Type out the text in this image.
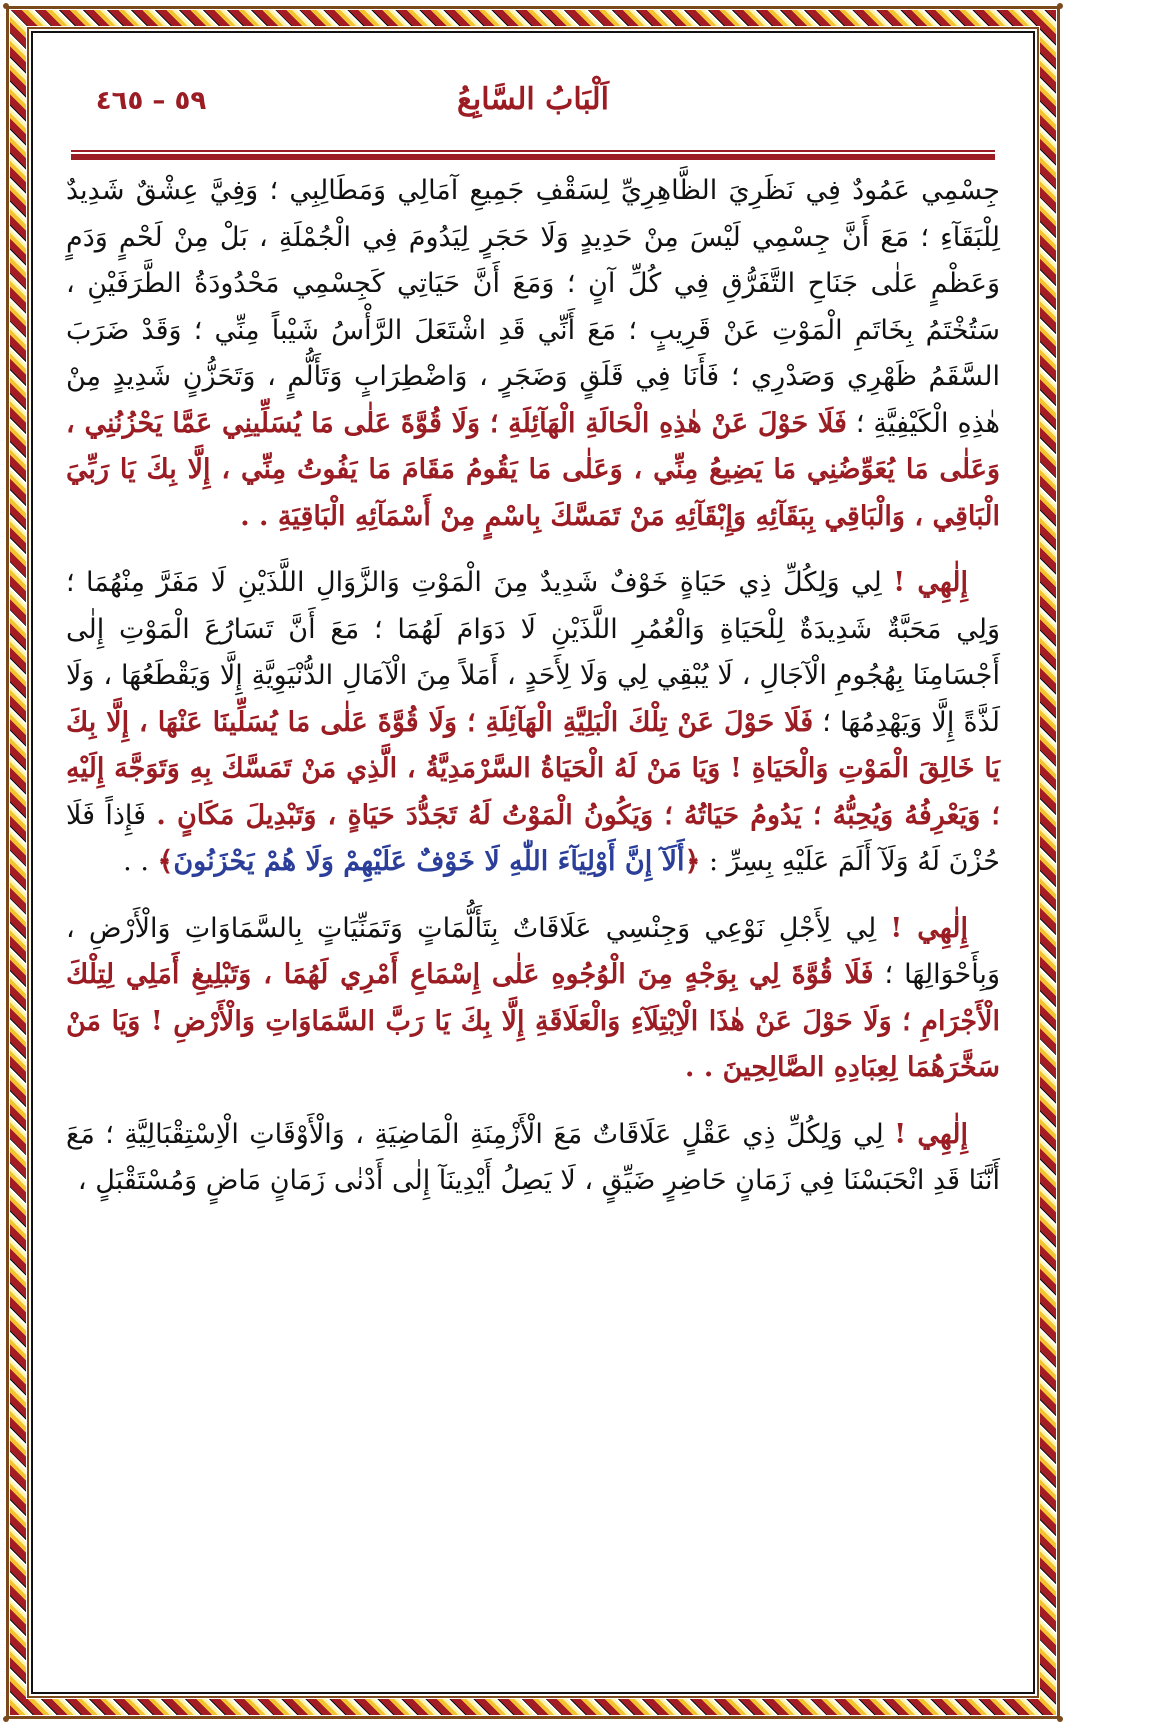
٥٩ – ٤٦٥	اَلْبَابُ السَّابِعُ

جِسْمِي عَمُودٌ فِي نَظَرِيَ الظَّاهِرِيِّ لِسَقْفِ جَمِيعِ آمَالِي وَمَطَالِبِي ؛ وَفِيَّ عِشْقٌ شَدِيدٌ لِلْبَقَآءِ ؛ مَعَ أَنَّ جِسْمِي لَيْسَ مِنْ حَدِيدٍ وَلَا حَجَرٍ لِيَدُومَ فِي الْجُمْلَةِ ، بَلْ مِنْ لَحْمٍ وَدَمٍ وَعَظْمٍ عَلٰى جَنَاحِ التَّفَرُّقِ فِي كُلِّ آنٍ ؛ وَمَعَ أَنَّ حَيَاتِي كَجِسْمِي مَحْدُودَةُ الطَّرَفَيْنِ ، سَتُخْتَمُ بِخَاتَمِ الْمَوْتِ عَنْ قَرِيبٍ ؛ مَعَ أَنِّي قَدِ اشْتَعَلَ الرَّأْسُ شَيْباً مِنِّي ؛ وَقَدْ ضَرَبَ السَّقَمُ ظَهْرِي وَصَدْرِي ؛ فَأَنَا فِي قَلَقٍ وَضَجَرٍ ، وَاضْطِرَابٍ وَتَأَلُّمٍ ، وَتَحَزُّنٍ شَدِيدٍ مِنْ هٰذِهِ الْكَيْفِيَّةِ ؛ فَلَا حَوْلَ عَنْ هٰذِهِ الْحَالَةِ الْهَآئِلَةِ ؛ وَلَا قُوَّةَ عَلٰى مَا يُسَلِّينِي عَمَّا يَحْزُنُنِي ، وَعَلٰى مَا يُعَوِّضُنِي مَا يَضِيعُ مِنِّي ، وَعَلٰى مَا يَقُومُ مَقَامَ مَا يَفُوتُ مِنِّي ، إِلَّا بِكَ يَا رَبِّيَ الْبَاقِي ، وَالْبَاقِي بِبَقَآئِهِ وَإِبْقَآئِهِ مَنْ تَمَسَّكَ بِاسْمٍ مِنْ أَسْمَآئِهِ الْبَاقِيَةِ . .

إِلٰهِي ! لِي وَلِكُلِّ ذِي حَيَاةٍ خَوْفٌ شَدِيدٌ مِنَ الْمَوْتِ وَالزَّوَالِ اللَّذَيْنِ لَا مَفَرَّ مِنْهُمَا ؛ وَلِي مَحَبَّةٌ شَدِيدَةٌ لِلْحَيَاةِ وَالْعُمُرِ اللَّذَيْنِ لَا دَوَامَ لَهُمَا ؛ مَعَ أَنَّ تَسَارُعَ الْمَوْتِ إِلٰى أَجْسَامِنَا بِهُجُومِ الْآجَالِ ، لَا يُبْقِي لِي وَلَا لِأَحَدٍ ، أَمَلاً مِنَ الْآمَالِ الدُّنْيَوِيَّةِ إِلَّا وَيَقْطَعُهَا ، وَلَا لَذَّةً إِلَّا وَيَهْدِمُهَا ؛ فَلَا حَوْلَ عَنْ تِلْكَ الْبَلِيَّةِ الْهَآئِلَةِ ؛ وَلَا قُوَّةَ عَلٰى مَا يُسَلِّينَا عَنْهَا ، إِلَّا بِكَ يَا خَالِقَ الْمَوْتِ وَالْحَيَاةِ ! وَيَا مَنْ لَهُ الْحَيَاةُ السَّرْمَدِيَّةُ ، الَّذِي مَنْ تَمَسَّكَ بِهِ وَتَوَجَّهَ إِلَيْهِ ؛ وَيَعْرِفُهُ وَيُحِبُّهُ ؛ يَدُومُ حَيَاتُهُ ؛ وَيَكُونُ الْمَوْتُ لَهُ تَجَدُّدَ حَيَاةٍ ، وَتَبْدِيلَ مَكَانٍ . فَإِذاً فَلَا حُزْنَ لَهُ وَلَآ أَلَمَ عَلَيْهِ بِسِرِّ : ﴿أَلَآ إِنَّ أَوْلِيَآءَ اللّٰهِ لَا خَوْفٌ عَلَيْهِمْ وَلَا هُمْ يَحْزَنُونَ﴾ . .

إِلٰهِي ! لِي لِأَجْلِ نَوْعِي وَجِنْسِي عَلَاقَاتٌ بِتَأَلُّمَاتٍ وَتَمَنِّيَاتٍ بِالسَّمَاوَاتِ وَالْأَرْضِ ، وَبِأَحْوَالِهَا ؛ فَلَا قُوَّةَ لِي بِوَجْهٍ مِنَ الْوُجُوهِ عَلٰى إِسْمَاعِ أَمْرِي لَهُمَا ، وَتَبْلِيغِ أَمَلِي لِتِلْكَ الْأَجْرَامِ ؛ وَلَا حَوْلَ عَنْ هٰذَا الْاِبْتِلَآءِ وَالْعَلَاقَةِ إِلَّا بِكَ يَا رَبَّ السَّمَاوَاتِ وَالْأَرْضِ ! وَيَا مَنْ سَخَّرَهُمَا لِعِبَادِهِ الصَّالِحِينَ . .

إِلٰهِي ! لِي وَلِكُلِّ ذِي عَقْلٍ عَلَاقَاتٌ مَعَ الْأَزْمِنَةِ الْمَاضِيَةِ ، وَالْأَوْقَاتِ الْاِسْتِقْبَالِيَّةِ ؛ مَعَ أَنَّنَا قَدِ انْحَبَسْنَا فِي زَمَانٍ حَاضِرٍ ضَيِّقٍ ، لَا يَصِلُ أَيْدِينَآ إِلٰى أَدْنٰى زَمَانٍ مَاضٍ وَمُسْتَقْبَلٍ ،
